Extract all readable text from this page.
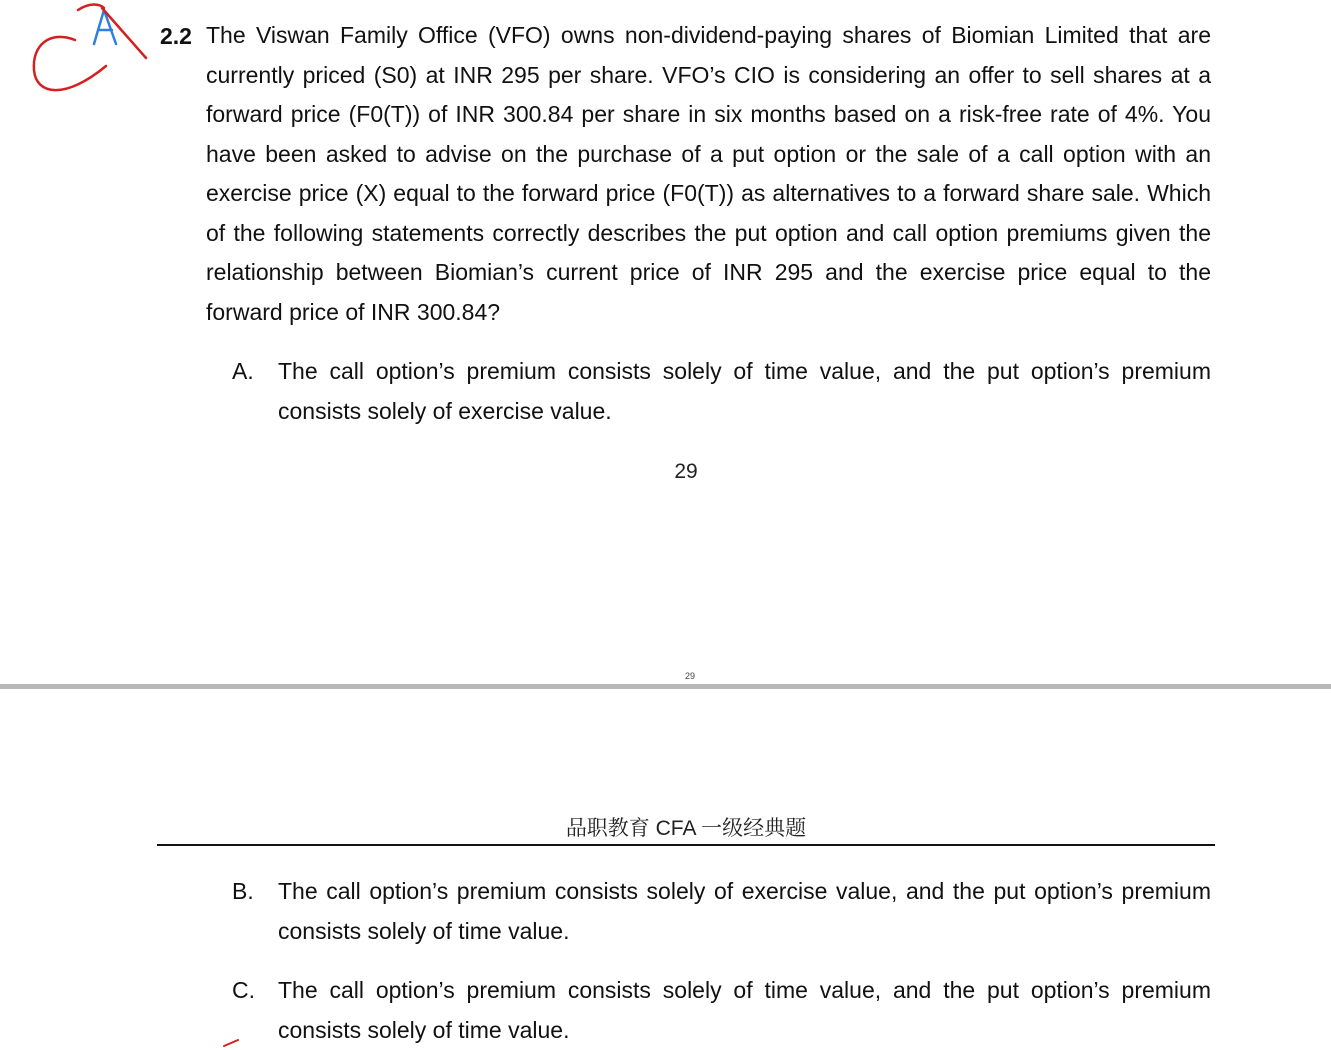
2.2 The Viswan Family Office (VFO) owns non-dividend-paying shares of Biomian Limited that are currently priced (S0) at INR 295 per share. VFO’s CIO is considering an offer to sell shares at a forward price (F0(T)) of INR 300.84 per share in six months based on a risk-free rate of 4%. You have been asked to advise on the purchase of a put option or the sale of a call option with an exercise price (X) equal to the forward price (F0(T)) as alternatives to a forward share sale. Which of the following statements correctly describes the put option and call option premiums given the relationship between Biomian’s current price of INR 295 and the exercise price equal to the forward price of INR 300.84?
A. The call option’s premium consists solely of time value, and the put option’s premium consists solely of exercise value.
29
29
品职教育 CFA 一级经典题
B. The call option’s premium consists solely of exercise value, and the put option’s premium consists solely of time value.
C. The call option’s premium consists solely of time value, and the put option’s premium consists solely of time value.
